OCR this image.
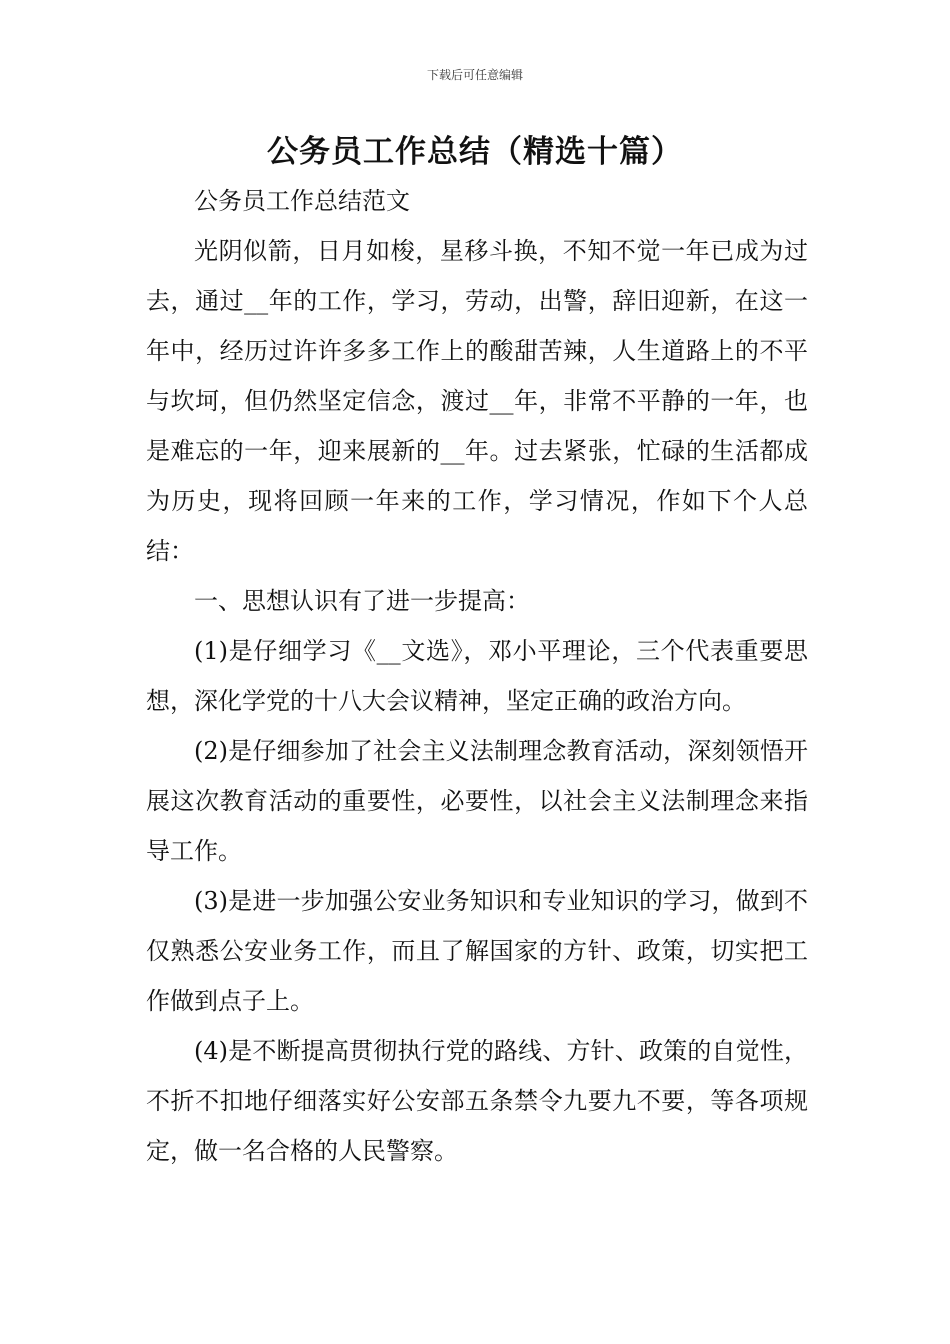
下载后可任意编辑
公务员工作总结（精选十篇）

公务员工作总结范文

光阴似箭，日月如梭，星移斗换，不知不觉一年已成为过去，通过__年的工作，学习，劳动，出警，辞旧迎新，在这一年中，经历过许许多多工作上的酸甜苦辣，人生道路上的不平与坎坷，但仍然坚定信念，渡过__年，非常不平静的一年，也是难忘的一年，迎来展新的__年。过去紧张，忙碌的生活都成为历史，现将回顾一年来的工作，学习情况，作如下个人总结：

一、思想认识有了进一步提高：

(1)是仔细学习《__文选》，邓小平理论，三个代表重要思想，深化学党的十八大会议精神，坚定正确的政治方向。

(2)是仔细参加了社会主义法制理念教育活动，深刻领悟开展这次教育活动的重要性，必要性，以社会主义法制理念来指导工作。

(3)是进一步加强公安业务知识和专业知识的学习，做到不仅熟悉公安业务工作，而且了解国家的方针、政策，切实把工作做到点子上。

(4)是不断提高贯彻执行党的路线、方针、政策的自觉性，不折不扣地仔细落实好公安部五条禁令九要九不要，等各项规定，做一名合格的人民警察。
